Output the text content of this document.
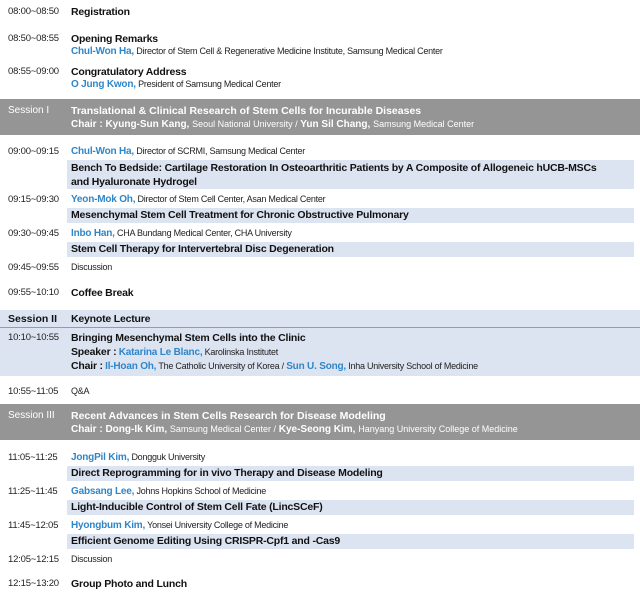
08:00~08:50 Registration
08:50~08:55 Opening Remarks
Chul-Won Ha, Director of Stem Cell & Regenerative Medicine Institute, Samsung Medical Center
08:55~09:00 Congratulatory Address
O Jung Kwon, President of Samsung Medical Center
Session I Translational & Clinical Research of Stem Cells for Incurable Diseases
Chair : Kyung-Sun Kang, Seoul National University / Yun Sil Chang, Samsung Medical Center
09:00~09:15 Chul-Won Ha, Director of SCRMI, Samsung Medical Center
Bench To Bedside: Cartilage Restoration In Osteoarthritic Patients by A Composite of Allogeneic hUCB-MSCs
and Hyaluronate Hydrogel
09:15~09:30 Yeon-Mok Oh, Director of Stem Cell Center, Asan Medical Center
Mesenchymal Stem Cell Treatment for Chronic Obstructive Pulmonary
09:30~09:45 Inbo Han, CHA Bundang Medical Center, CHA University
Stem Cell Therapy for Intervertebral Disc Degeneration
09:45~09:55 Discussion
09:55~10:10 Coffee Break
Session II Keynote Lecture
10:10~10:55 Bringing Mesenchymal Stem Cells into the Clinic
Speaker : Katarina Le Blanc, Karolinska Institutet
Chair : Il-Hoan Oh, The Catholic University of Korea / Sun U. Song, Inha University School of Medicine
10:55~11:05 Q&A
Session III Recent Advances in Stem Cells Research for Disease Modeling
Chair : Dong-Ik Kim, Samsung Medical Center / Kye-Seong Kim, Hanyang University College of Medicine
11:05~11:25 JongPil Kim, Dongguk University
Direct Reprogramming for in vivo Therapy and Disease Modeling
11:25~11:45 Gabsang Lee, Johns Hopkins School of Medicine
Light-Inducible Control of Stem Cell Fate (LincSCeF)
11:45~12:05 Hyongbum Kim, Yonsei University College of Medicine
Efficient Genome Editing Using CRISPR-Cpf1 and -Cas9
12:05~12:15 Discussion
12:15~13:20 Group Photo and Lunch
